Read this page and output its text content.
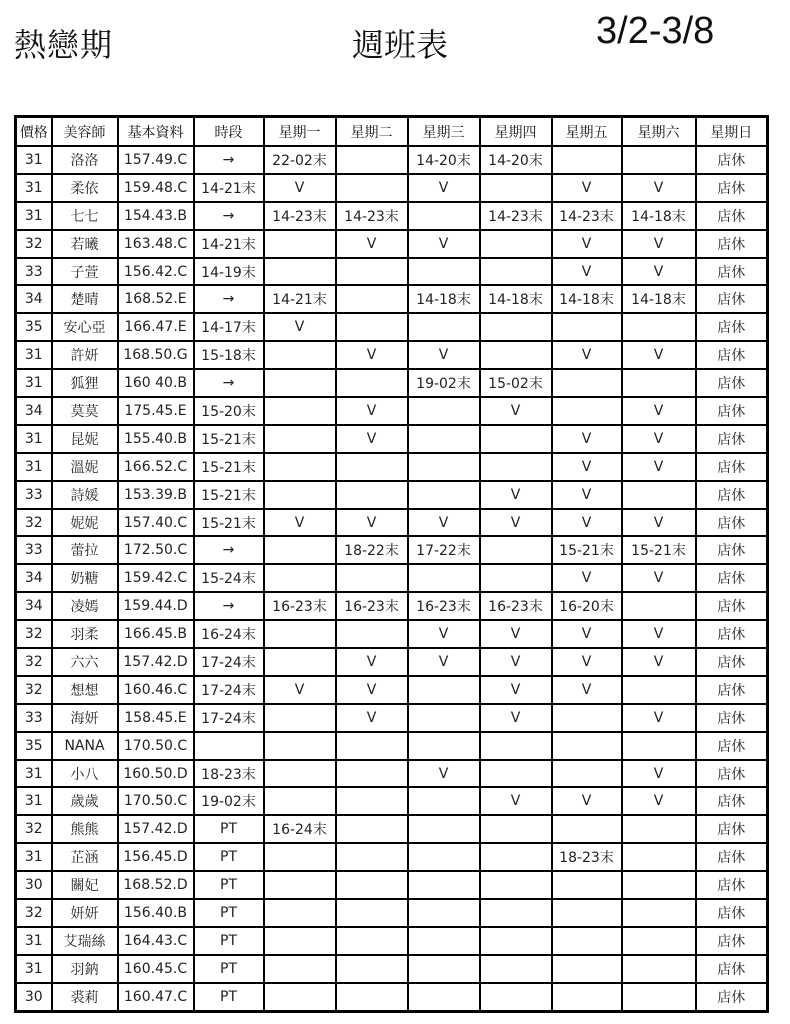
熱戀期	週班表	3/2-3/8
價格	美容師	基本資料	時段	星期一	星期二	星期三	星期四	星期五	星期六	星期日
31	洛洛	157.49.C	→	22-02末		14-20末	14-20末			店休
31	柔依	159.48.C	14-21末	V		V		V	V	店休
31	七七	154.43.B	→	14-23末	14-23末		14-23末	14-23末	14-18末	店休
32	若曦	163.48.C	14-21末		V	V		V	V	店休
33	子萱	156.42.C	14-19末					V	V	店休
34	楚晴	168.52.E	→	14-21末		14-18末	14-18末	14-18末	14-18末	店休
35	安心亞	166.47.E	14-17末	V						店休
31	許妍	168.50.G	15-18末		V	V		V	V	店休
31	狐狸	160 40.B	→			19-02末	15-02末			店休
34	莫莫	175.45.E	15-20末		V		V		V	店休
31	昆妮	155.40.B	15-21末		V			V	V	店休
31	溫妮	166.52.C	15-21末					V	V	店休
33	詩媛	153.39.B	15-21末				V	V		店休
32	妮妮	157.40.C	15-21末	V	V	V	V	V	V	店休
33	蕾拉	172.50.C	→		18-22末	17-22末		15-21末	15-21末	店休
34	奶糖	159.42.C	15-24末					V	V	店休
34	凌嫣	159.44.D	→	16-23末	16-23末	16-23末	16-23末	16-20末		店休
32	羽柔	166.45.B	16-24末			V	V	V	V	店休
32	六六	157.42.D	17-24末		V	V	V	V	V	店休
32	想想	160.46.C	17-24末	V	V		V	V		店休
33	海妍	158.45.E	17-24末		V		V		V	店休
35	NANA	170.50.C								店休
31	小八	160.50.D	18-23末			V			V	店休
31	歲歲	170.50.C	19-02末				V	V	V	店休
32	熊熊	157.42.D	PT	16-24末						店休
31	芷涵	156.45.D	PT					18-23末		店休
30	關妃	168.52.D	PT							店休
32	妍妍	156.40.B	PT							店休
31	艾瑞絲	164.43.C	PT							店休
31	羽鈉	160.45.C	PT							店休
30	裘莉	160.47.C	PT							店休
